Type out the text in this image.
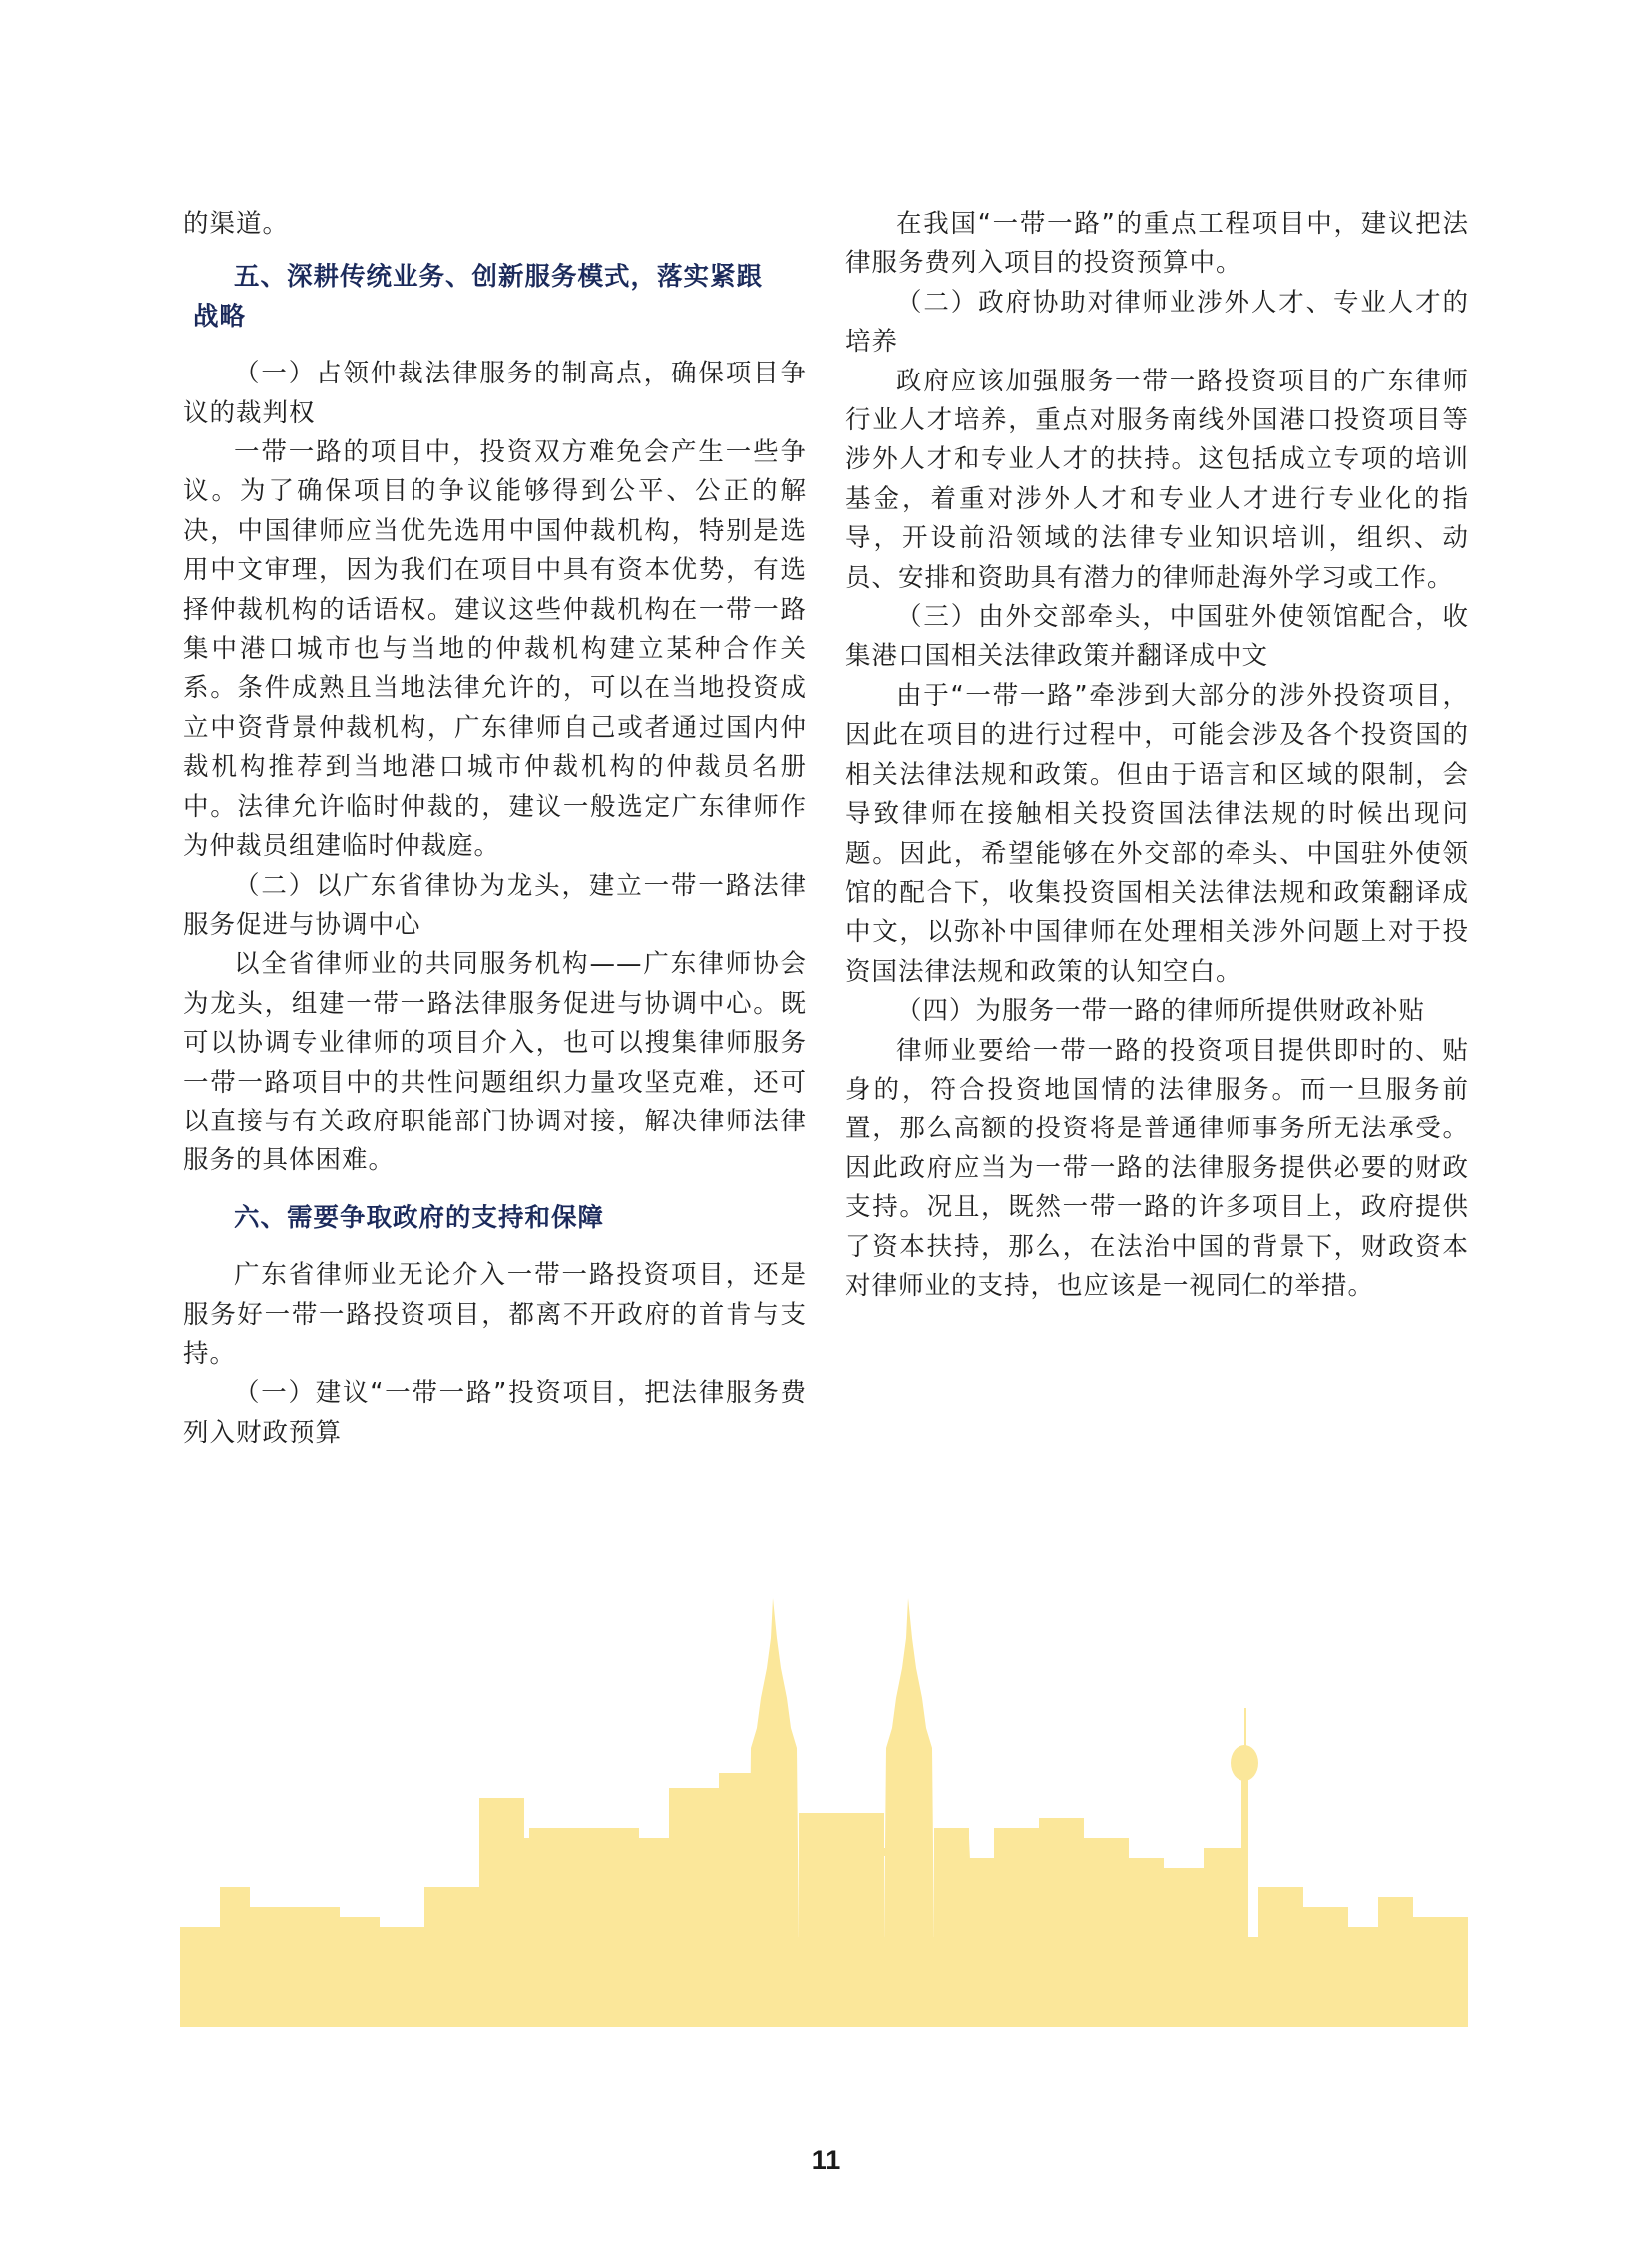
的渠道。

五、深耕传统业务、创新服务模式，落实紧跟

战略

（一）占领仲裁法律服务的制高点，确保项目争议的裁判权

一带一路的项目中，投资双方难免会产生一些争议。为了确保项目的争议能够得到公平、公正的解决，中国律师应当优先选用中国仲裁机构，特别是选用中文审理，因为我们在项目中具有资本优势，有选择仲裁机构的话语权。建议这些仲裁机构在一带一路集中港口城市也与当地的仲裁机构建立某种合作关系。条件成熟且当地法律允许的，可以在当地投资成立中资背景仲裁机构，广东律师自己或者通过国内仲裁机构推荐到当地港口城市仲裁机构的仲裁员名册中。法律允许临时仲裁的，建议一般选定广东律师作为仲裁员组建临时仲裁庭。

（二）以广东省律协为龙头，建立一带一路法律服务促进与协调中心

以全省律师业的共同服务机构——广东律师协会为龙头，组建一带一路法律服务促进与协调中心。既可以协调专业律师的项目介入，也可以搜集律师服务一带一路项目中的共性问题组织力量攻坚克难，还可以直接与有关政府职能部门协调对接，解决律师法律服务的具体困难。

六、需要争取政府的支持和保障

广东省律师业无论介入一带一路投资项目，还是服务好一带一路投资项目，都离不开政府的首肯与支持。

（一）建议“一带一路”投资项目，把法律服务费列入财政预算

在我国“一带一路”的重点工程项目中，建议把法律服务费列入项目的投资预算中。

（二）政府协助对律师业涉外人才、专业人才的培养

政府应该加强服务一带一路投资项目的广东律师行业人才培养，重点对服务南线外国港口投资项目等涉外人才和专业人才的扶持。这包括成立专项的培训基金，着重对涉外人才和专业人才进行专业化的指导，开设前沿领域的法律专业知识培训，组织、动员、安排和资助具有潜力的律师赴海外学习或工作。

（三）由外交部牵头，中国驻外使领馆配合，收集港口国相关法律政策并翻译成中文

由于“一带一路”牵涉到大部分的涉外投资项目，因此在项目的进行过程中，可能会涉及各个投资国的相关法律法规和政策。但由于语言和区域的限制，会导致律师在接触相关投资国法律法规的时候出现问题。因此，希望能够在外交部的牵头、中国驻外使领馆的配合下，收集投资国相关法律法规和政策翻译成中文，以弥补中国律师在处理相关涉外问题上对于投资国法律法规和政策的认知空白。

（四）为服务一带一路的律师所提供财政补贴

律师业要给一带一路的投资项目提供即时的、贴身的，符合投资地国情的法律服务。而一旦服务前置，那么高额的投资将是普通律师事务所无法承受。因此政府应当为一带一路的法律服务提供必要的财政支持。况且，既然一带一路的许多项目上，政府提供了资本扶持，那么，在法治中国的背景下，财政资本对律师业的支持，也应该是一视同仁的举措。

11
